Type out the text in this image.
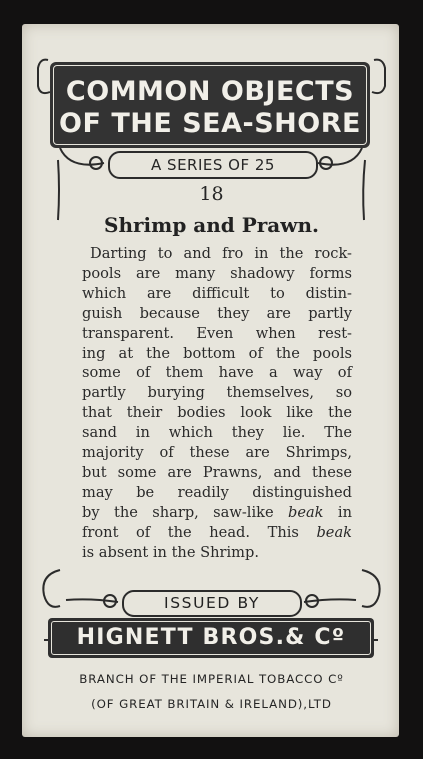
COMMON OBJECTS
OF THE SEA-SHORE
A SERIES OF 25
18
Shrimp and Prawn.
Darting to and fro in the rock-
pools are many shadowy forms
which are difficult to distin-
guish because they are partly
transparent. Even when rest-
ing at the bottom of the pools
some of them have a way of
partly burying themselves, so
that their bodies look like the
sand in which they lie. The
majority of these are Shrimps,
but some are Prawns, and these
may be readily distinguished
by the sharp, saw-like beak in
front of the head. This beak
is absent in the Shrimp.
ISSUED BY
HIGNETT BROS.& Cº
BRANCH OF THE IMPERIAL TOBACCO Cº
(OF GREAT BRITAIN & IRELAND),LTD
